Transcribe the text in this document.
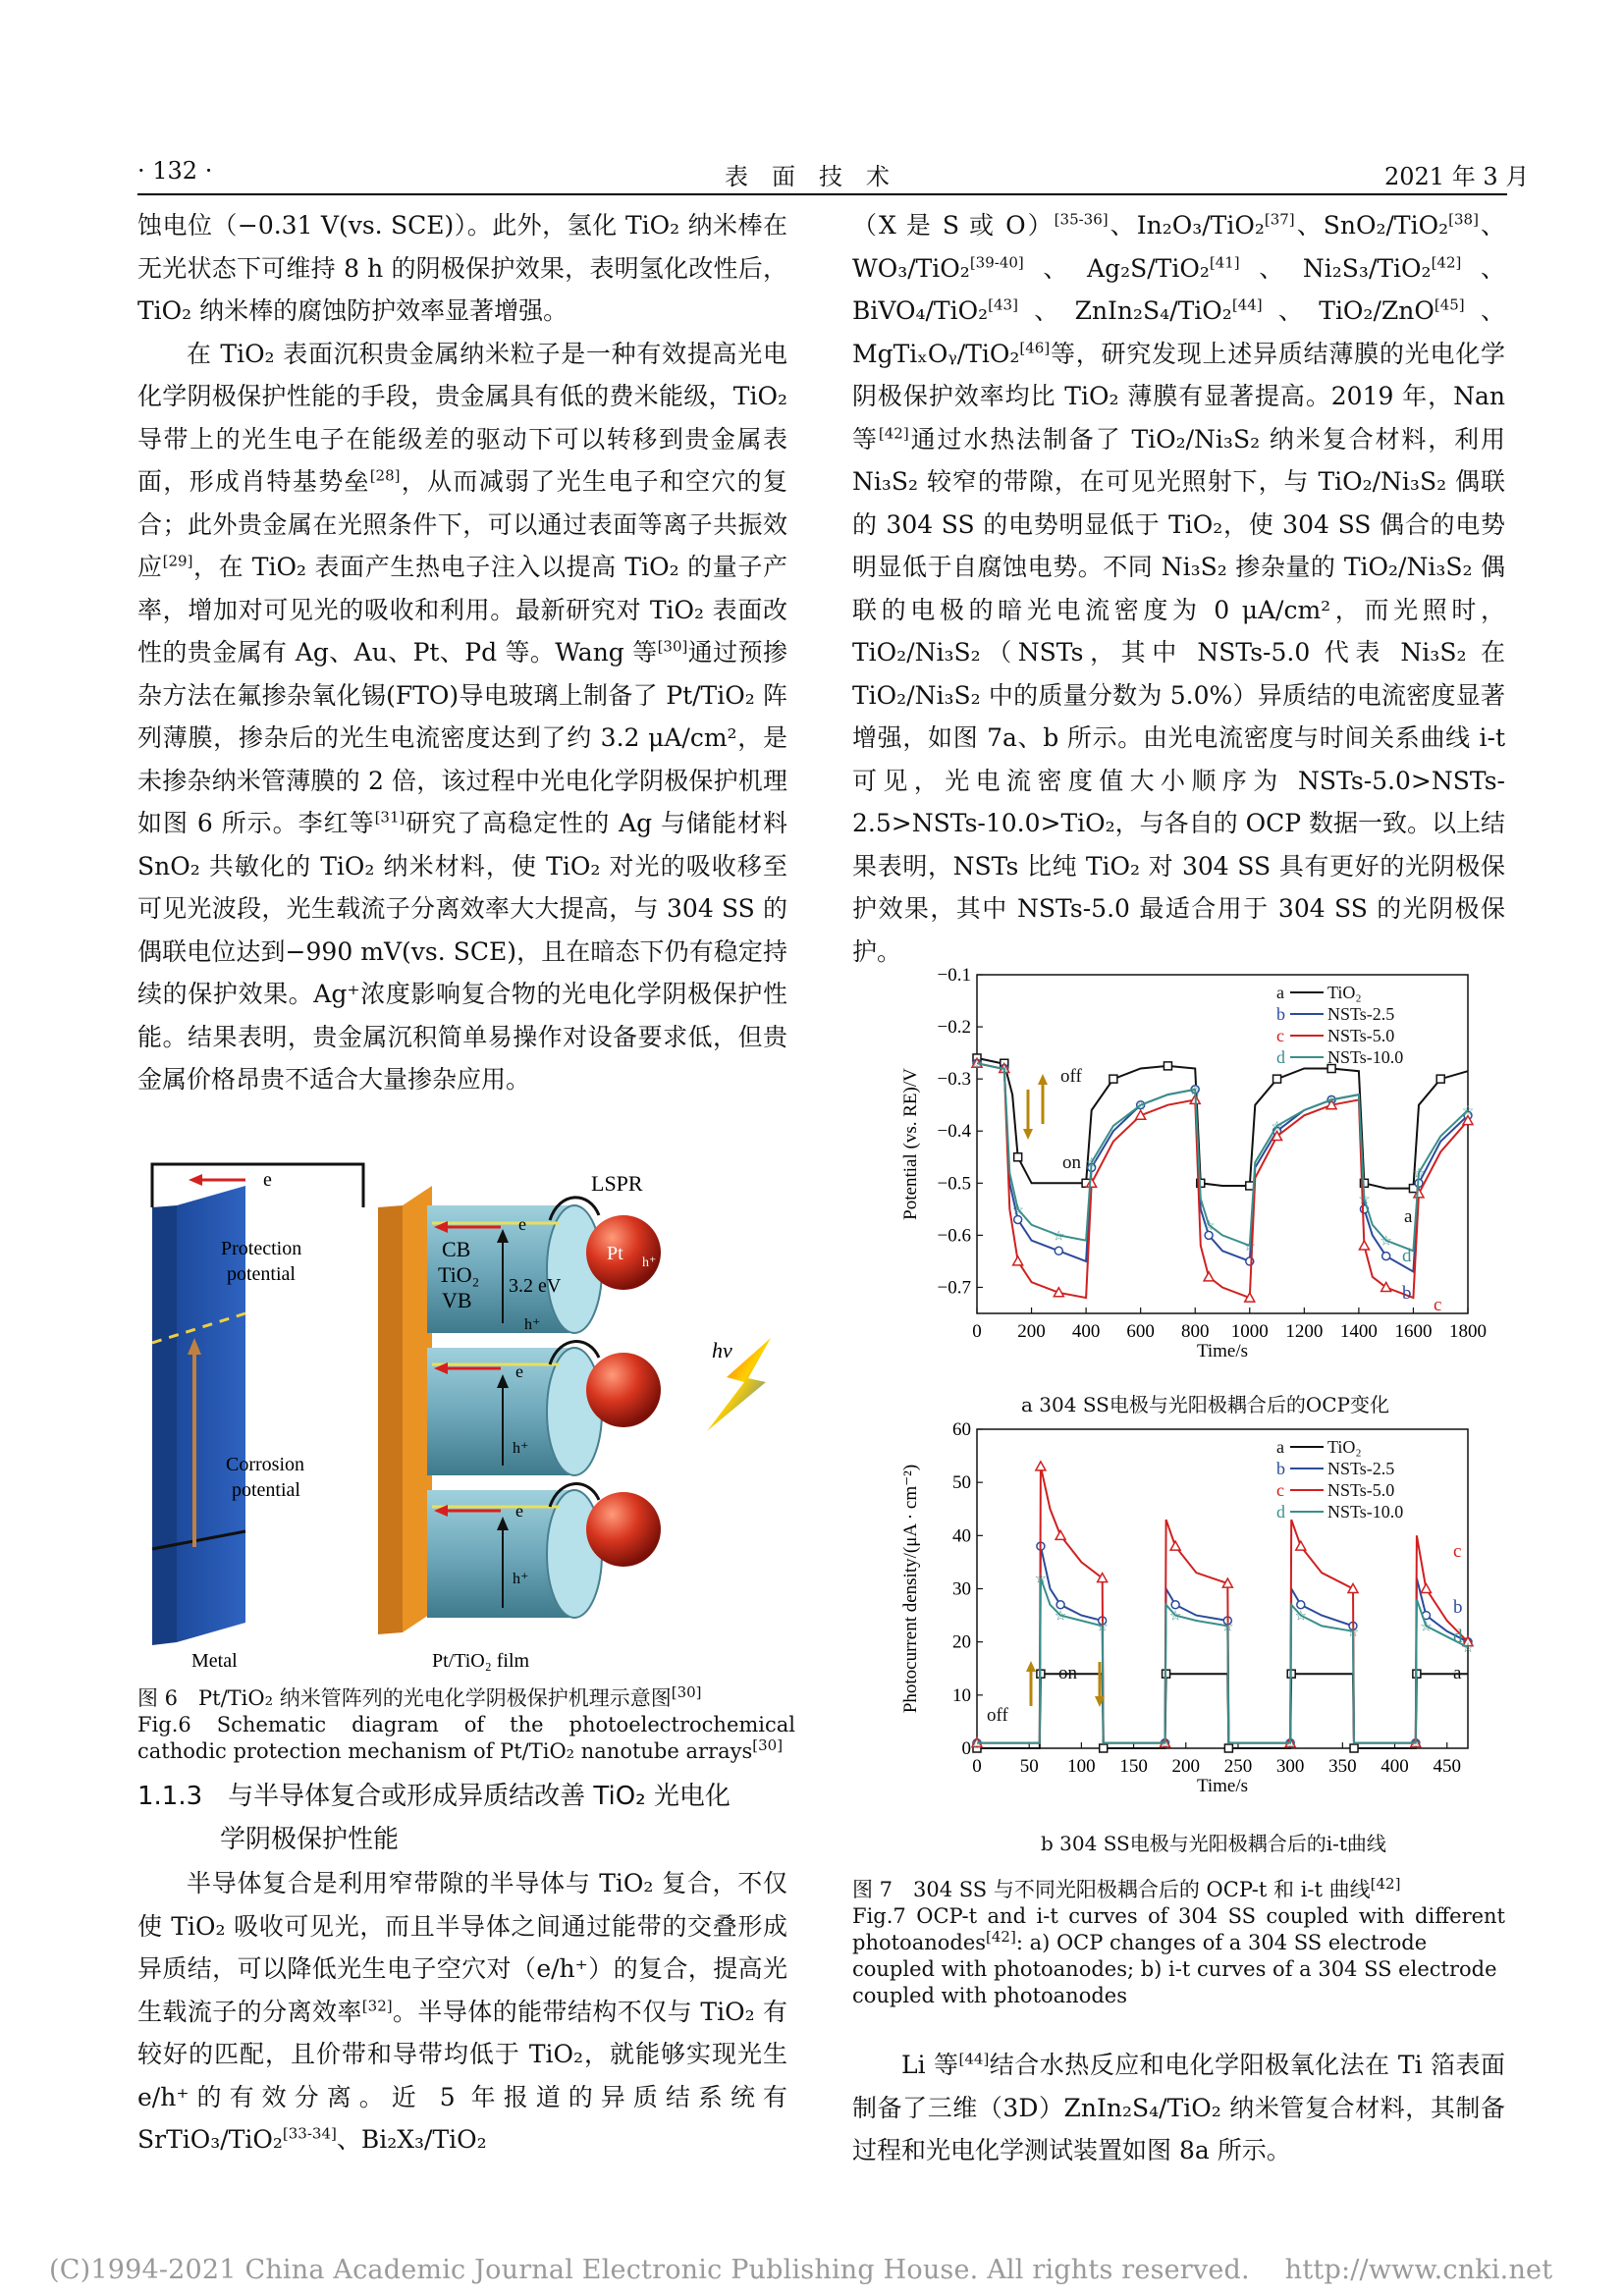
· 132 ·	表　面　技　术	2021 年 3 月

蚀电位（−0.31 V(vs. SCE)）。此外，氢化 TiO₂ 纳米棒在无光状态下可维持 8 h 的阴极保护效果，表明氢化改性后，TiO₂ 纳米棒的腐蚀防护效率显著增强。

在 TiO₂ 表面沉积贵金属纳米粒子是一种有效提高光电化学阴极保护性能的手段，贵金属具有低的费米能级，TiO₂ 导带上的光生电子在能级差的驱动下可以转移到贵金属表面，形成肖特基势垒[28]，从而减弱了光生电子和空穴的复合；此外贵金属在光照条件下，可以通过表面等离子共振效应[29]，在 TiO₂ 表面产生热电子注入以提高 TiO₂ 的量子产率，增加对可见光的吸收和利用。最新研究对 TiO₂ 表面改性的贵金属有 Ag、Au、Pt、Pd 等。Wang 等[30]通过预掺杂方法在氟掺杂氧化锡(FTO)导电玻璃上制备了 Pt/TiO₂ 阵列薄膜，掺杂后的光生电流密度达到了约 3.2 μA/cm²，是未掺杂纳米管薄膜的 2 倍，该过程中光电化学阴极保护机理如图 6 所示。李红等[31]研究了高稳定性的 Ag 与储能材料 SnO₂ 共敏化的 TiO₂ 纳米材料，使 TiO₂ 对光的吸收移至可见光波段，光生载流子分离效率大大提高，与 304 SS 的偶联电位达到−990 mV(vs. SCE)，且在暗态下仍有稳定持续的保护效果。Ag⁺浓度影响复合物的光电化学阴极保护性能。结果表明，贵金属沉积简单易操作对设备要求低，但贵金属价格昂贵不适合大量掺杂应用。

e
Protection
potential
Corrosion
potential
Pt h⁺
LSPR
CB
TiO₂
VB
3.2 eV
h⁺
e
h⁺
e
h⁺
e
hv
Metal	Pt/TiO₂ film

图 6　Pt/TiO₂ 纳米管阵列的光电化学阴极保护机理示意图[30]

Fig.6 Schematic diagram of the photoelectrochemical

cathodic protection mechanism of Pt/TiO₂ nanotube arrays[30]

1.1.3　与半导体复合或形成异质结改善 TiO₂ 光电化
学阴极保护性能

半导体复合是利用窄带隙的半导体与 TiO₂ 复合，不仅使 TiO₂ 吸收可见光，而且半导体之间通过能带的交叠形成异质结，可以降低光生电子空穴对（e/h⁺）的复合，提高光生载流子的分离效率[32]。半导体的能带结构不仅与 TiO₂ 有较好的匹配，且价带和导带均低于 TiO₂，就能够实现光生 e/h⁺的有效分离。近 5 年报道的异质结系统有 SrTiO₃/TiO₂[33-34]、Bi₂X₃/TiO₂

（X 是 S 或 O）[35-36]、In₂O₃/TiO₂[37]、SnO₂/TiO₂[38]、WO₃/TiO₂[39-40]、Ag₂S/TiO₂[41]、Ni₂S₃/TiO₂[42]、BiVO₄/TiO₂[43]、ZnIn₂S₄/TiO₂[44]、TiO₂/ZnO[45]、MgTiₓOᵧ/TiO₂[46]等，研究发现上述异质结薄膜的光电化学阴极保护效率均比 TiO₂ 薄膜有显著提高。2019 年，Nan 等[42]通过水热法制备了 TiO₂/Ni₃S₂ 纳米复合材料，利用 Ni₃S₂ 较窄的带隙，在可见光照射下，与 TiO₂/Ni₃S₂ 偶联的 304 SS 的电势明显低于 TiO₂，使 304 SS 偶合的电势明显低于自腐蚀电势。不同 Ni₃S₂ 掺杂量的 TiO₂/Ni₃S₂ 偶联的电极的暗光电流密度为 0 μA/cm²，而光照时，TiO₂/Ni₃S₂（NSTs，其中 NSTs-5.0 代表 Ni₃S₂ 在 TiO₂/Ni₃S₂ 中的质量分数为 5.0%）异质结的电流密度显著增强，如图 7a、b 所示。由光电流密度与时间关系曲线 i-t 可见，光电流密度值大小顺序为 NSTs-5.0>NSTs-2.5>NSTs-10.0>TiO₂，与各自的 OCP 数据一致。以上结果表明，NSTs 比纯 TiO₂ 对 304 SS 具有更好的光阴极保护效果，其中 NSTs-5.0 最适合用于 304 SS 的光阴极保护。

0 200 400 600 800 1000 1200 1400 1600 1800
−0.1
−0.2
−0.3
−0.4
−0.5
−0.6
−0.7
Time/s
Potential (vs. RE)/V
☆ ☆
☆
☆
☆
☆
☆
☆
☆
☆
☆
☆
☆
☆
☆
a TiO₂
b NSTs-2.5
c NSTs-5.0
d NSTs-10.0
off
on
a
b
c
d
a 304 SS电极与光阳极耦合后的OCP变化
0 50 100 150 200 250 300 350 400 450
0
10
20
30
40
50
60
Time/s
Photocurrent density/(μA · cm⁻²)
☆
☆
☆
☆
☆
☆
☆
☆
☆
☆
☆
☆
☆
a TiO₂
b NSTs-2.5
c NSTs-5.0
d NSTs-10.0
off
on	a
b
c
d
b 304 SS电极与光阳极耦合后的i-t曲线

图 7　304 SS 与不同光阳极耦合后的 OCP-t 和 i-t 曲线[42]

Fig.7 OCP-t and i-t curves of 304 SS coupled with different

photoanodes[42]: a) OCP changes of a 304 SS electrode

coupled with photoanodes; b) i-t curves of a 304 SS electrode

coupled with photoanodes

Li 等[44]结合水热反应和电化学阳极氧化法在 Ti 箔表面制备了三维（3D）ZnIn₂S₄/TiO₂ 纳米管复合材料，其制备过程和光电化学测试装置如图 8a 所示。

(C)1994-2021 China Academic Journal Electronic Publishing House. All rights reserved.　 http://www.cnki.net
